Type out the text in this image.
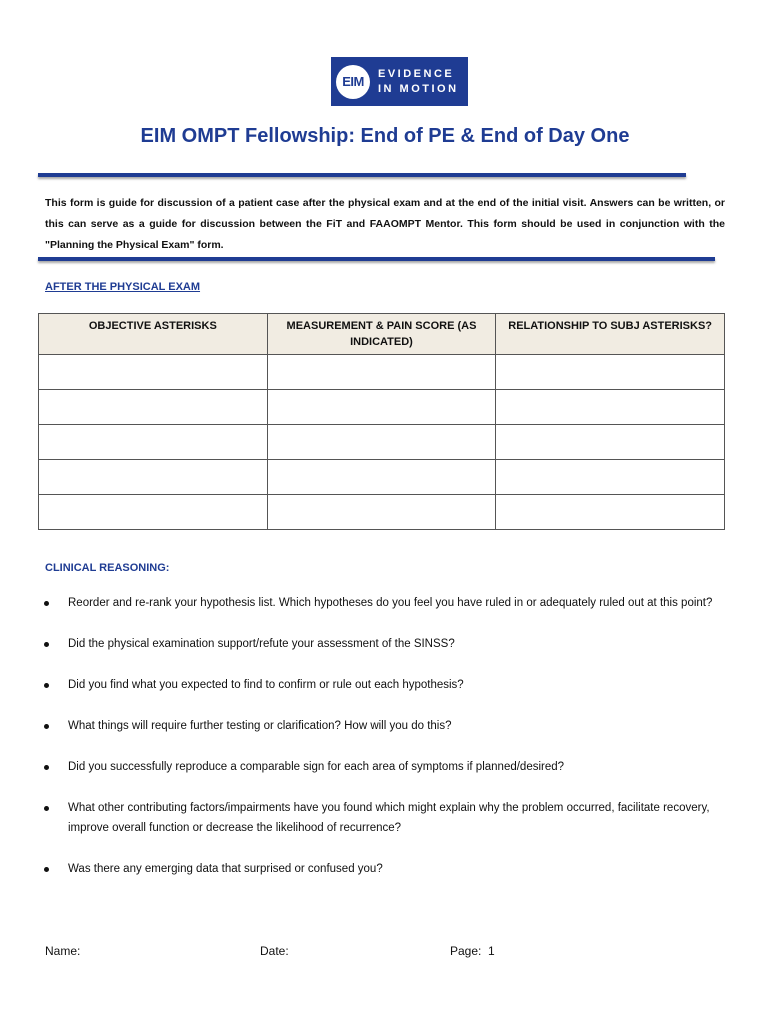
EIM
EVIDENCE
IN MOTION
EIM OMPT Fellowship: End of PE & End of Day One
This form is guide for discussion of a patient case after the physical exam and at the end of the initial visit. Answers can be written, or this can serve as a guide for discussion between the FiT and FAAOMPT Mentor. This form should be used in conjunction with the "Planning the Physical Exam" form.
AFTER THE PHYSICAL EXAM
OBJECTIVE ASTERISKS	MEASUREMENT & PAIN SCORE (AS INDICATED)	RELATIONSHIP TO SUBJ ASTERISKS?

CLINICAL REASONING:
Reorder and re-rank your hypothesis list. Which hypotheses do you feel you have ruled in or adequately ruled out at this point?
Did the physical examination support/refute your assessment of the SINSS?
Did you find what you expected to find to confirm or rule out each hypothesis?
What things will require further testing or clarification? How will you do this?
Did you successfully reproduce a comparable sign for each area of symptoms if planned/desired?
What other contributing factors/impairments have you found which might explain why the problem occurred, facilitate recovery, improve overall function or decrease the likelihood of recurrence?
Was there any emerging data that surprised or confused you?
Name:	Date:	Page: 1
